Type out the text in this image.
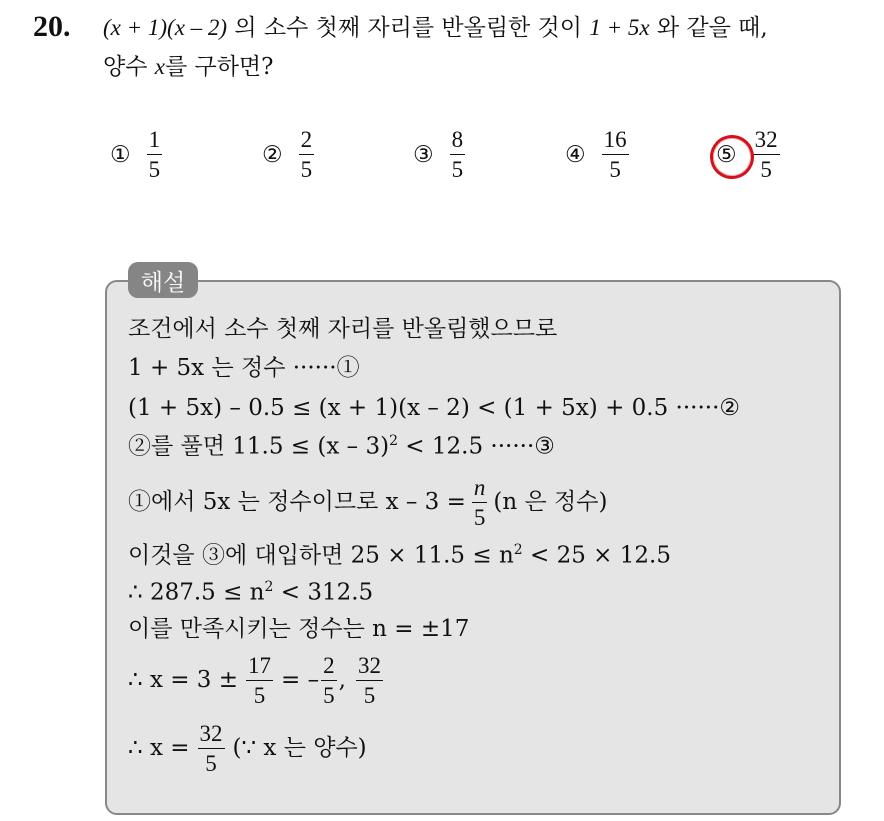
20. (x + 1)(x – 2) 의 소수 첫째 자리를 반올림한 것이 1 + 5x 와 같을 때,
양수 x를 구하면?
① $\frac{1}{5}$	② $\frac{2}{5}$	③ $\frac{8}{5}$	④ $\frac{16}{5}$	⑤ $\frac{32}{5}$
해설
조건에서 소수 첫째 자리를 반올림했으므로
1 + 5x 는 정수 ······①
(1 + 5x) – 0.5 ≤ (x + 1)(x – 2) < (1 + 5x) + 0.5 ······②
②를 풀면 11.5 ≤ (x – 3)$^2$ < 12.5 ······③
①에서 5x 는 정수이므로 $x - 3 = \frac{n}{5} (n$ 은 정수)
이것을 ③에 대입하면 $25 \times 11.5 \le n^2 < 25 \times 12.5$
∴ $287.5 \le n^2 < 312.5$
이를 만족시키는 정수는 n = ±17
∴ $x = 3 \pm \frac{17}{5}$ = – $\frac{2}{5}$ , $\frac{32}{5}$
∴ $x = \frac{32}{5}$ (∵ x 는 양수)
